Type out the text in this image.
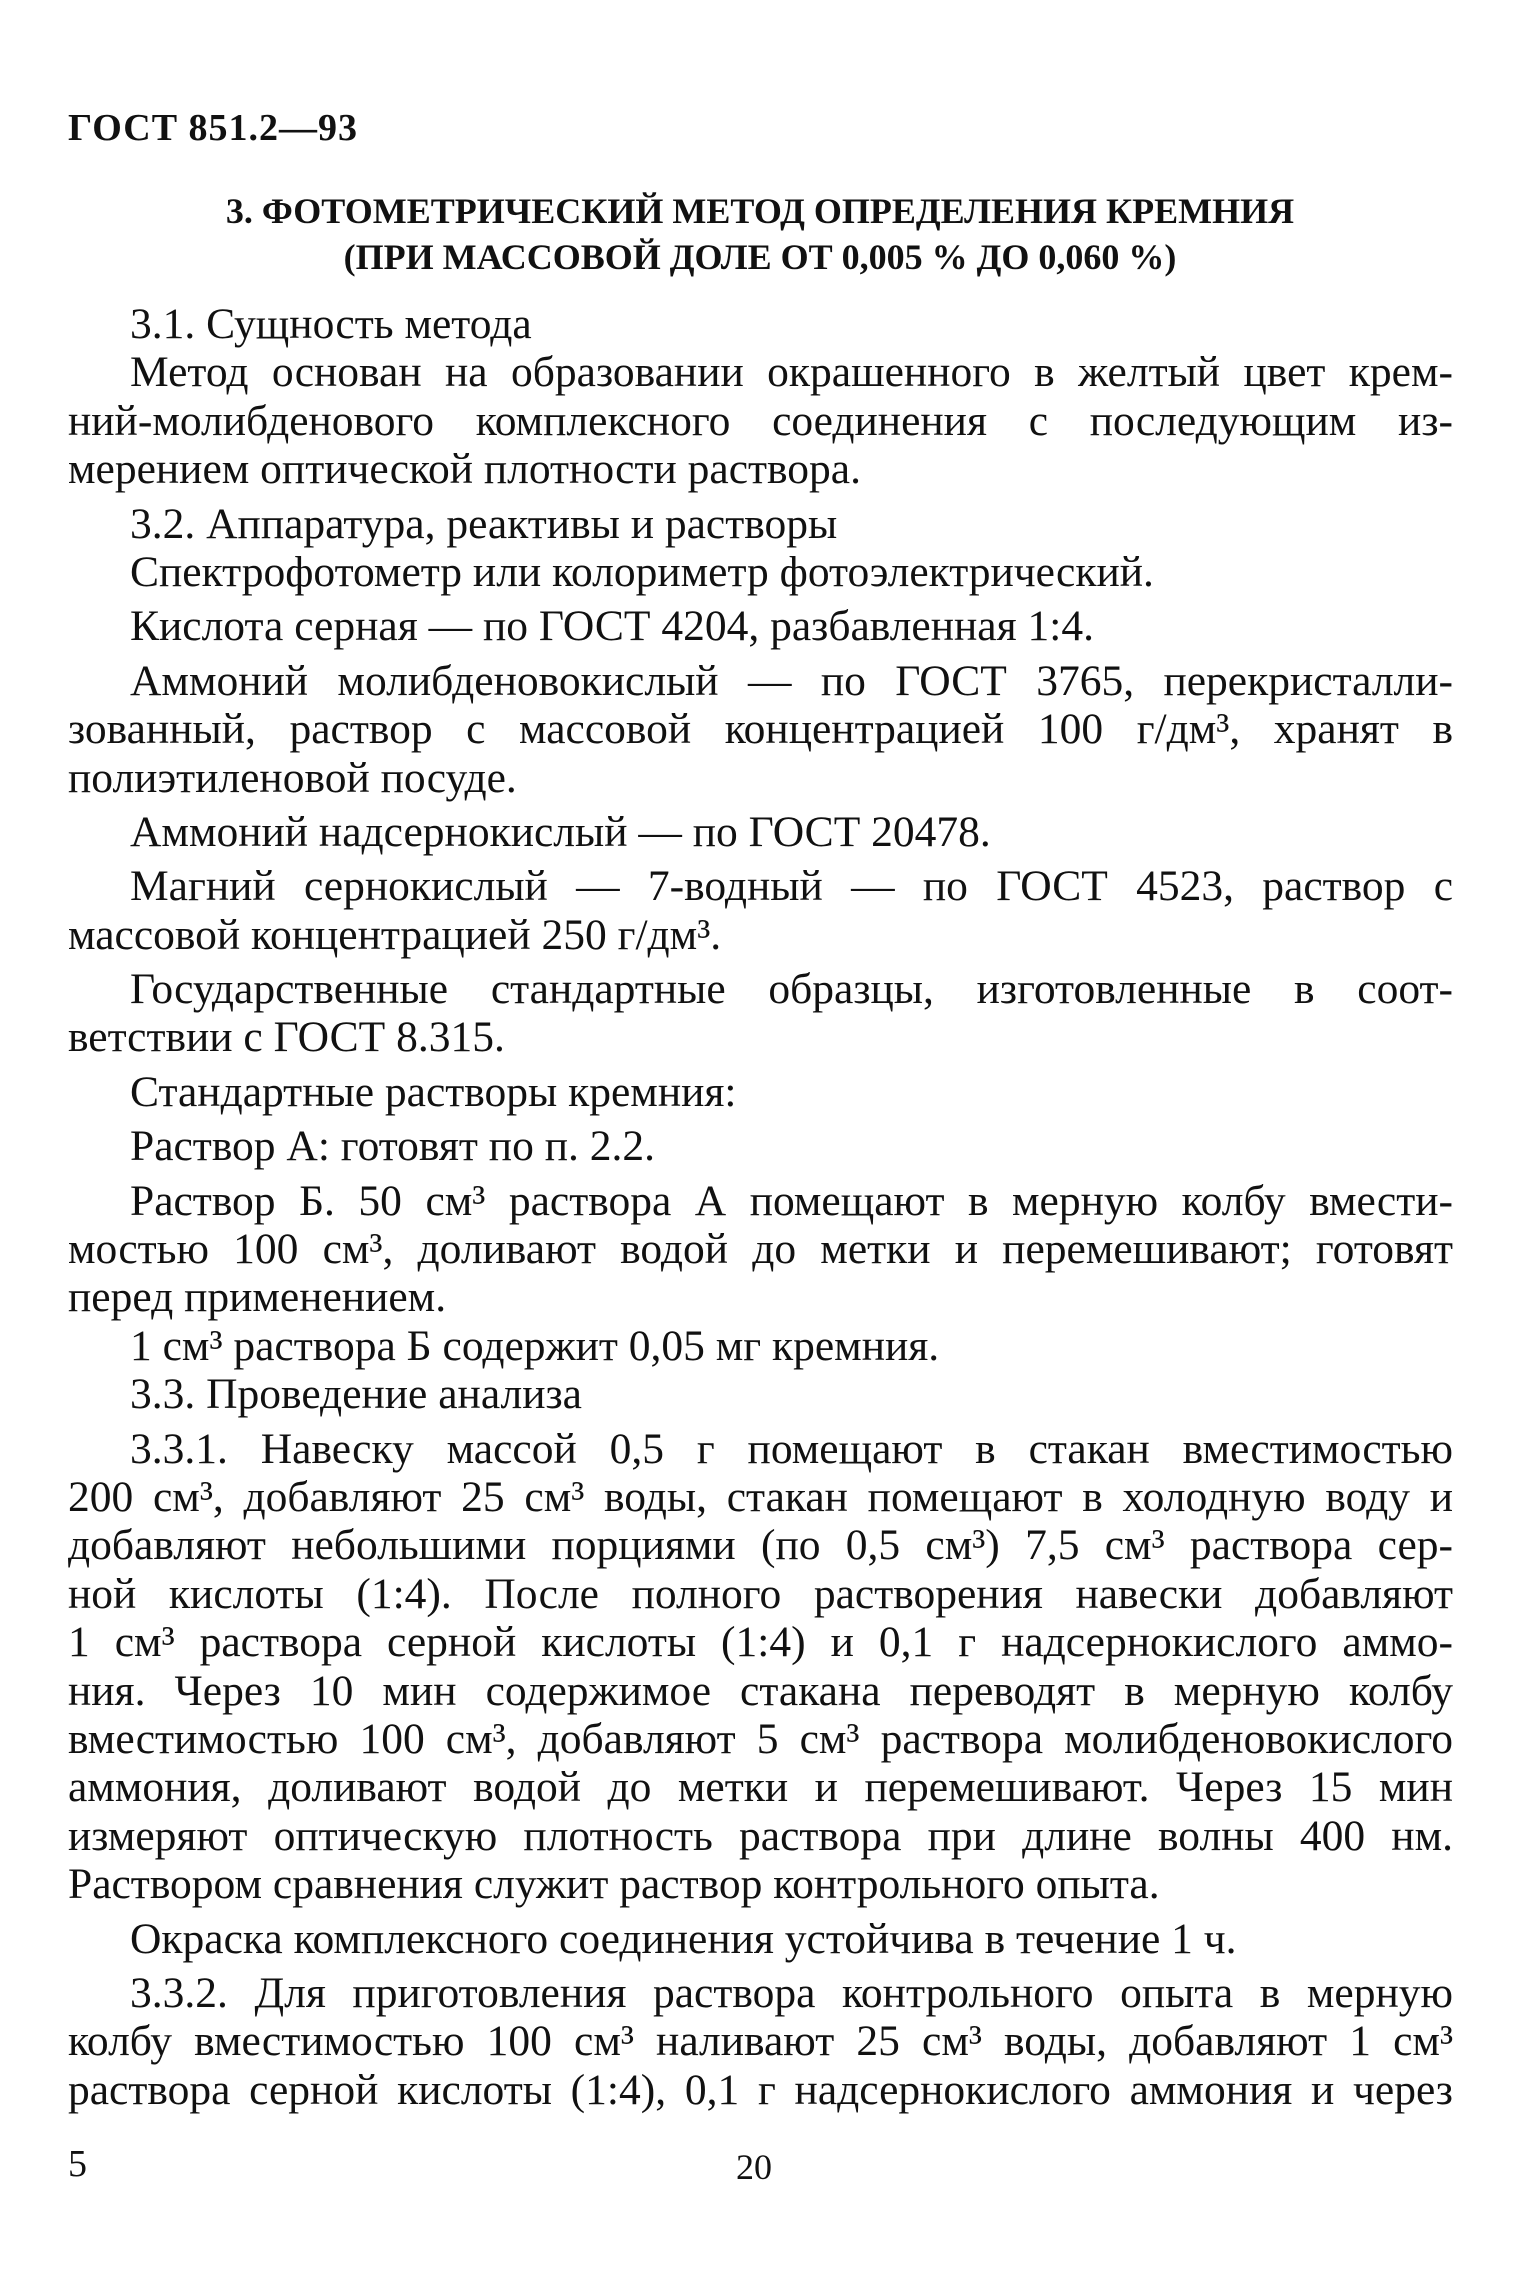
ГОСТ 851.2—93
3. ФОТОМЕТРИЧЕСКИЙ МЕТОД ОПРЕДЕЛЕНИЯ КРЕМНИЯ
(ПРИ МАССОВОЙ ДОЛЕ ОТ 0,005 % ДО 0,060 %)
3.1. Сущность метода
Метод основан на образовании окрашенного в желтый цвет крем-
ний-молибденового комплексного соединения с последующим из-
мерением оптической плотности раствора.
3.2. Аппаратура, реактивы и растворы
Спектрофотометр или колориметр фотоэлектрический.
Кислота серная — по ГОСТ 4204, разбавленная 1:4.
Аммоний молибденовокислый — по ГОСТ 3765, перекристалли-
зованный, раствор с массовой концентрацией 100 г/дм³, хранят в
полиэтиленовой посуде.
Аммоний надсернокислый — по ГОСТ 20478.
Магний сернокислый — 7-водный — по ГОСТ 4523, раствор с
массовой концентрацией 250 г/дм³.
Государственные стандартные образцы, изготовленные в соот-
ветствии с ГОСТ 8.315.
Стандартные растворы кремния:
Раствор А: готовят по п. 2.2.
Раствор Б. 50 см³ раствора А помещают в мерную колбу вмести-
мостью 100 см³, доливают водой до метки и перемешивают; готовят
перед применением.
1 см³ раствора Б содержит 0,05 мг кремния.
3.3. Проведение анализа
3.3.1. Навеску массой 0,5 г помещают в стакан вместимостью
200 см³, добавляют 25 см³ воды, стакан помещают в холодную воду и
добавляют небольшими порциями (по 0,5 см³) 7,5 см³ раствора сер-
ной кислоты (1:4). После полного растворения навески добавляют
1 см³ раствора серной кислоты (1:4) и 0,1 г надсернокислого аммо-
ния. Через 10 мин содержимое стакана переводят в мерную колбу
вместимостью 100 см³, добавляют 5 см³ раствора молибденовокислого
аммония, доливают водой до метки и перемешивают. Через 15 мин
измеряют оптическую плотность раствора при длине волны 400 нм.
Раствором сравнения служит раствор контрольного опыта.
Окраска комплексного соединения устойчива в течение 1 ч.
3.3.2. Для приготовления раствора контрольного опыта в мерную
колбу вместимостью 100 см³ наливают 25 см³ воды, добавляют 1 см³
раствора серной кислоты (1:4), 0,1 г надсернокислого аммония и через
5	20
